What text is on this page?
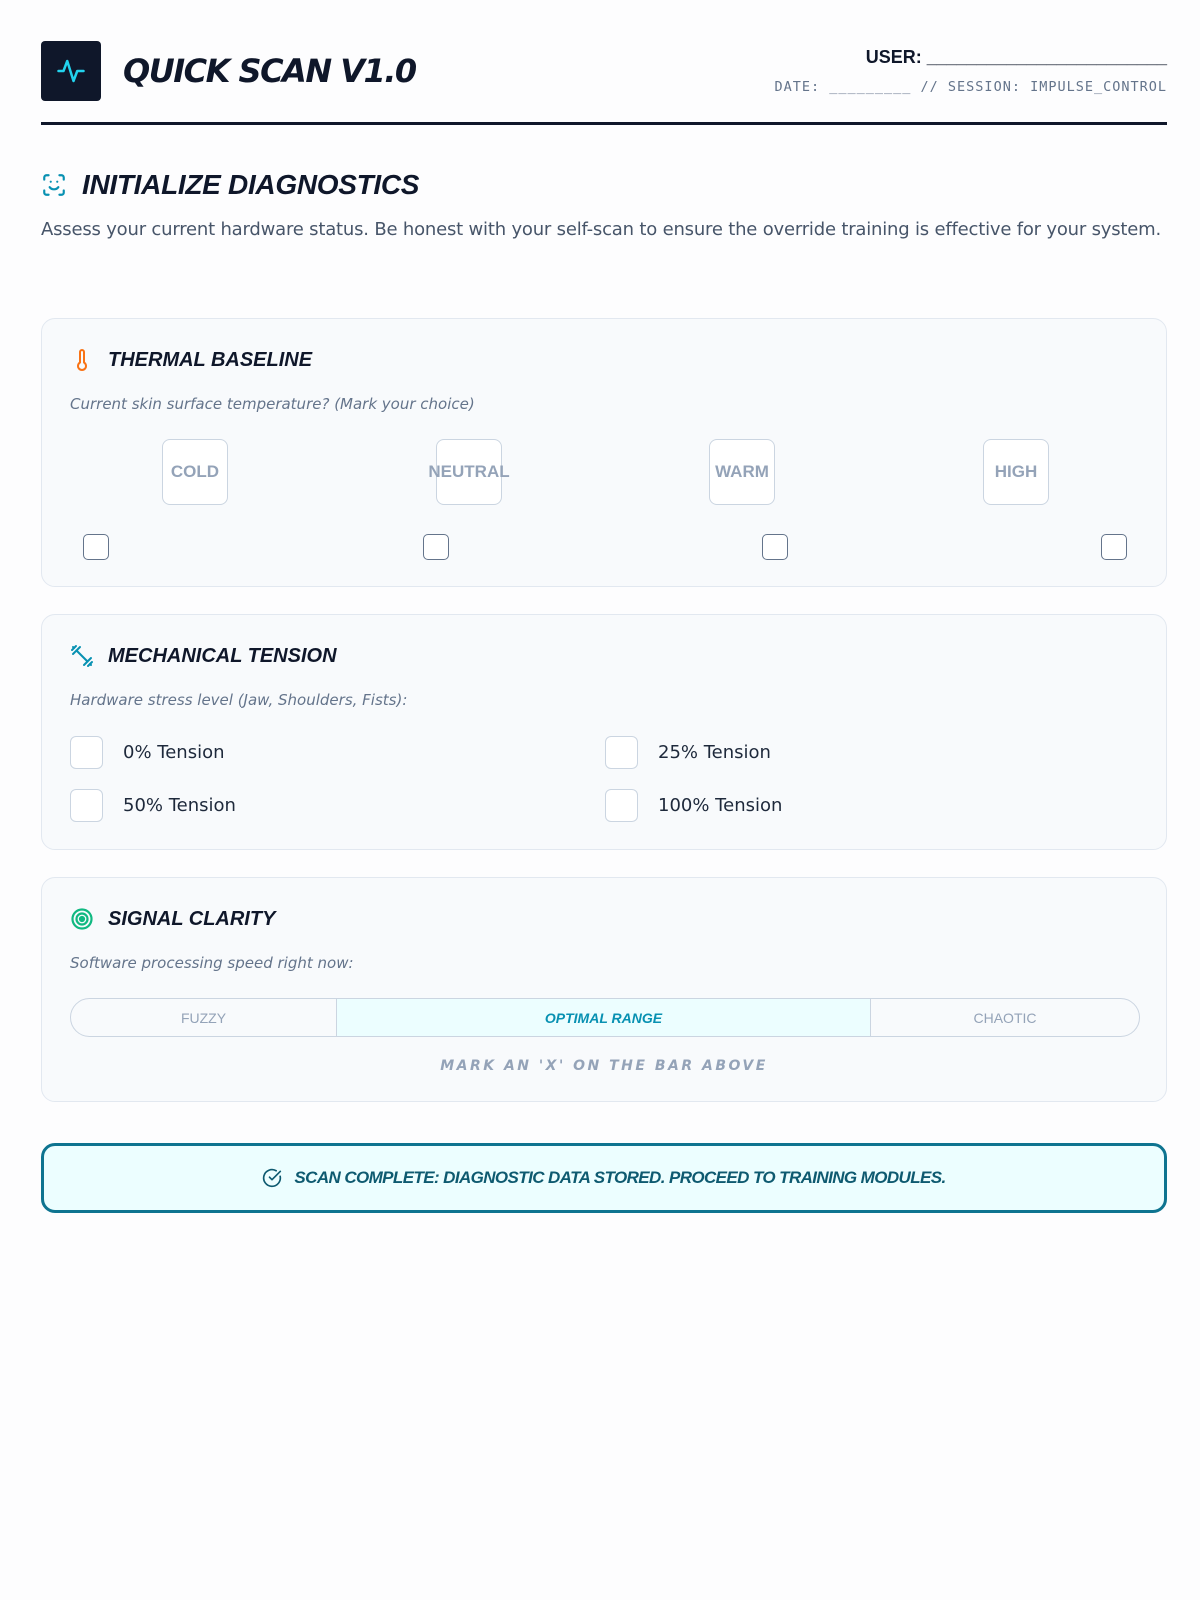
QUICK SCAN V1.0	USER: ________________________
DATE: _________ // SESSION: IMPULSE_CONTROL
INITIALIZE DIAGNOSTICS

Assess your current hardware status. Be honest with your self-scan to ensure the override training is effective for your system.

THERMAL BASELINE
Current skin surface temperature? (Mark your choice)
COLD	NEUTRAL	WARM	HIGH
MECHANICAL TENSION
Hardware stress level (Jaw, Shoulders, Fists):
0% Tension	25% Tension
50% Tension	100% Tension
SIGNAL CLARITY
Software processing speed right now:
FUZZY	OPTIMAL RANGE	CHAOTIC
MARK AN 'X' ON THE BAR ABOVE
SCAN COMPLETE: DIAGNOSTIC DATA STORED. PROCEED TO TRAINING MODULES.
